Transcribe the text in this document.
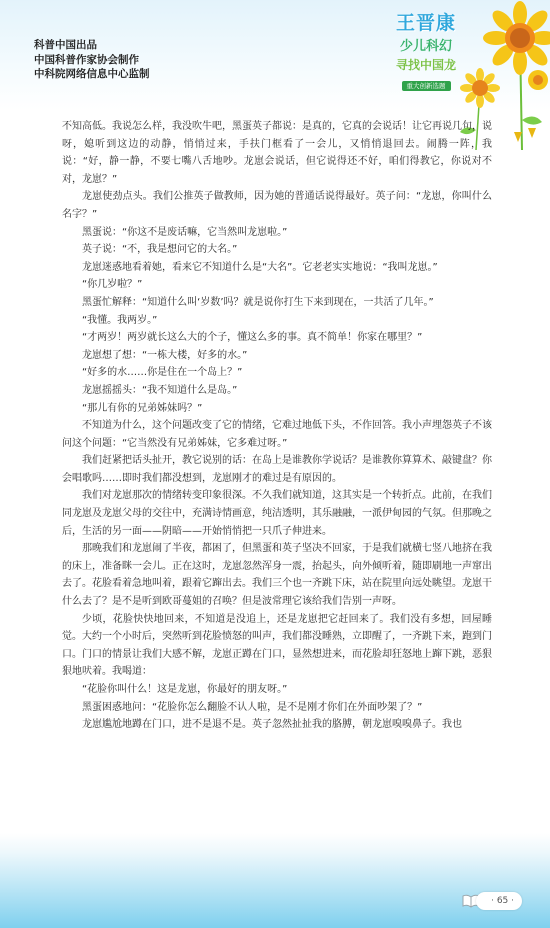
科普中国出品
中国科普作家协会制作
中科院网络信息中心监制
王晋康
少儿科幻
寻找中国龙
重大创新选题

不知高低。我说怎么样，我没吹牛吧，黑蛋英子都说：是真的，它真的会说话！让它再说几句，说呀，媳听到这边的动静，悄悄过来，手扶门框看了一会儿，又悄悄退回去。闹腾一阵，我说：“好，静一静，不要七嘴八舌地吵。龙崽会说话，但它说得还不好，咱们得教它，你说对不对，龙崽？”

龙崽使劲点头。我们公推英子做教师，因为她的普通话说得最好。英子问：“龙崽，你叫什么名字？”

黑蛋说：“你这不是废话嘛，它当然叫龙崽啦。”

英子说：“不，我是想问它的大名。”

龙崽迷惑地看着她，看来它不知道什么是“大名”。它老老实实地说：“我叫龙崽。”

“你几岁啦？”

黑蛋忙解释：“知道什么叫‘岁数’吗？就是说你打生下来到现在，一共活了几年。”

“我懂。我两岁。”

“才两岁！两岁就长这么大的个子，懂这么多的事。真不简单！你家在哪里？”

龙崽想了想：“一栋大楼，好多的水。”

“好多的水……你是住在一个岛上？”

龙崽摇摇头：“我不知道什么是岛。”

“那儿有你的兄弟姊妹吗？”

不知道为什么，这个问题改变了它的情绪，它难过地低下头，不作回答。我小声埋怨英子不该问这个问题：“它当然没有兄弟姊妹，它多难过呀。”

我们赶紧把话头扯开，教它说别的话：在岛上是谁教你学说话？是谁教你算算术、敲键盘？你会唱歌吗……即时我们都没想到，龙崽刚才的难过是有原因的。

我们对龙崽那次的情绪转变印象很深。不久我们就知道，这其实是一个转折点。此前，在我们同龙崽及龙崽父母的交往中，充满诗情画意，纯洁透明，其乐融融，一派伊甸园的气氛。但那晚之后，生活的另一面——阴暗——开始悄悄把一只爪子伸进来。

那晚我们和龙崽闹了半夜，都困了，但黑蛋和英子坚决不回家，于是我们就横七竖八地挤在我的床上，准备眯一会儿。正在这时，龙崽忽然浑身一震，抬起头，向外倾听着，随即刷地一声窜出去了。花脸看着急地叫着，跟着它蹿出去。我们三个也一齐跳下床，站在院里向远处眺望。龙崽干什么去了？是不是听到欧哥蔓姐的召唤？但是波常理它该给我们告别一声呀。

少顷，花脸快快地回来，不知道是没追上，还是龙崽把它赶回来了。我们没有多想，回屋睡觉。大约一个小时后，突然听到花脸愤怒的叫声，我们都没睡熟，立即醒了，一齐跳下来，跑到门口。门口的情景让我们大感不解，龙崽正蹲在门口，显然想进来，而花脸却狂怒地上蹿下跳，恶狠狠地吠着。我喝道：

“花脸你叫什么！这是龙崽，你最好的朋友呀。”

黑蛋困惑地问：“花脸你怎么翻脸不认人啦，是不是刚才你们在外面吵架了？”

龙崽尴尬地蹲在门口，进不是退不是。英子忽然扯扯我的胳膊，朝龙崽嗅嗅鼻子。我也

· 65 ·
